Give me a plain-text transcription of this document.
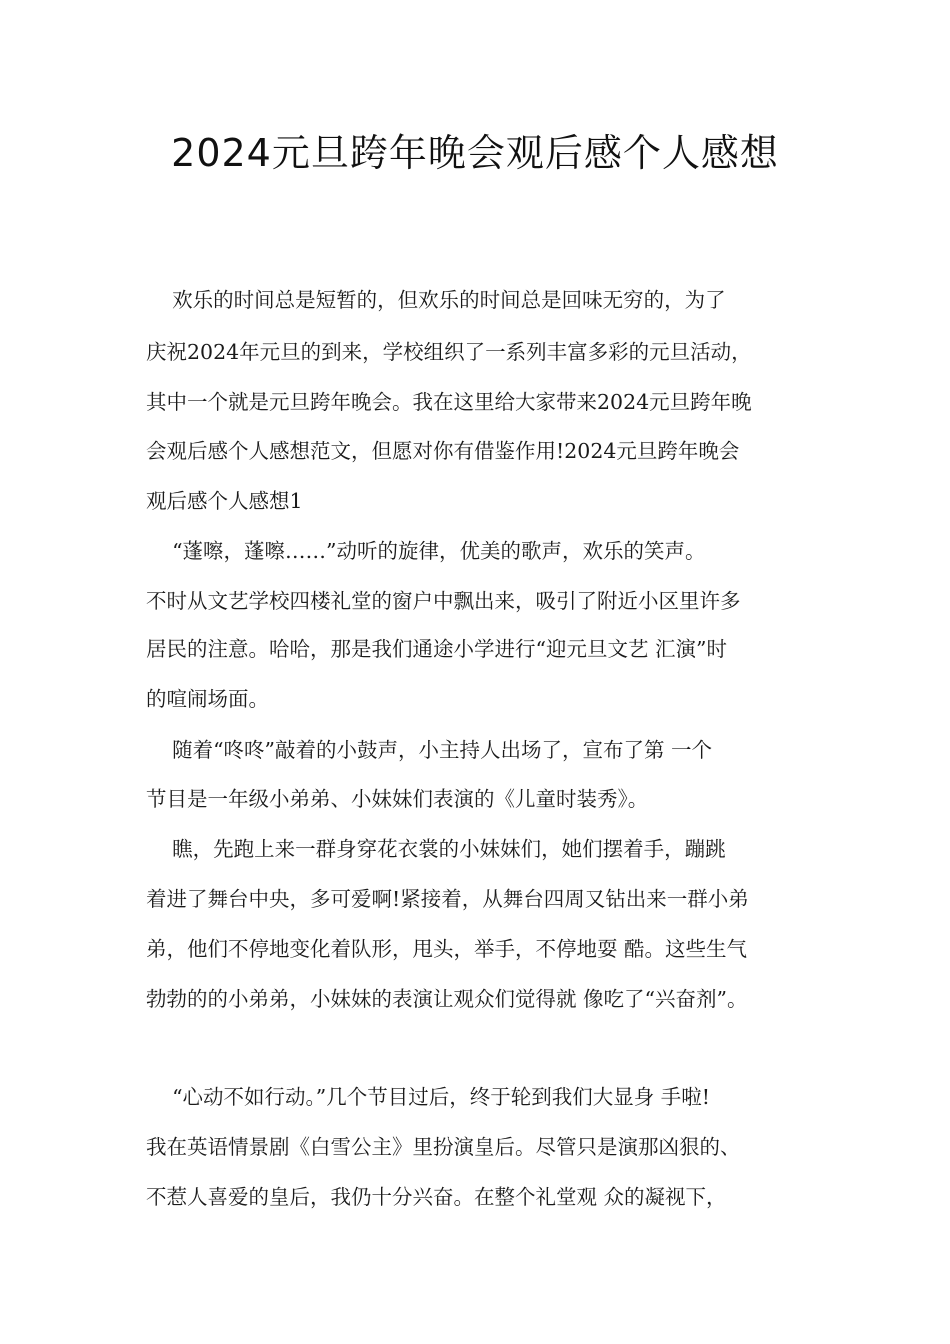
2024元旦跨年晚会观后感个人感想
欢乐的时间总是短暂的，但欢乐的时间总是回味无穷的，为了
庆祝2024年元旦的到来，学校组织了一系列丰富多彩的元旦活动，
其中一个就是元旦跨年晚会。我在这里给大家带来2024元旦跨年晚
会观后感个人感想范文，但愿对你有借鉴作用!2024元旦跨年晚会
观后感个人感想1
“蓬嚓，蓬嚓……”动听的旋律，优美的歌声，欢乐的笑声。
不时从文艺学校四楼礼堂的窗户中飘出来，吸引了附近小区里许多
居民的注意。哈哈，那是我们通途小学进行“迎元旦文艺 汇演”时
的喧闹场面。
随着“咚咚”敲着的小鼓声，小主持人出场了，宣布了第 一个
节目是一年级小弟弟、小妹妹们表演的《儿童时装秀》。
瞧，先跑上来一群身穿花衣裳的小妹妹们，她们摆着手，蹦跳
着进了舞台中央，多可爱啊!紧接着，从舞台四周又钻出来一群小弟
弟，他们不停地变化着队形，甩头，举手，不停地耍 酷。这些生气
勃勃的的小弟弟，小妹妹的表演让观众们觉得就 像吃了“兴奋剂”。
“心动不如行动。”几个节目过后，终于轮到我们大显身 手啦!
我在英语情景剧《白雪公主》里扮演皇后。尽管只是演那凶狠的、
不惹人喜爱的皇后，我仍十分兴奋。在整个礼堂观 众的凝视下，
